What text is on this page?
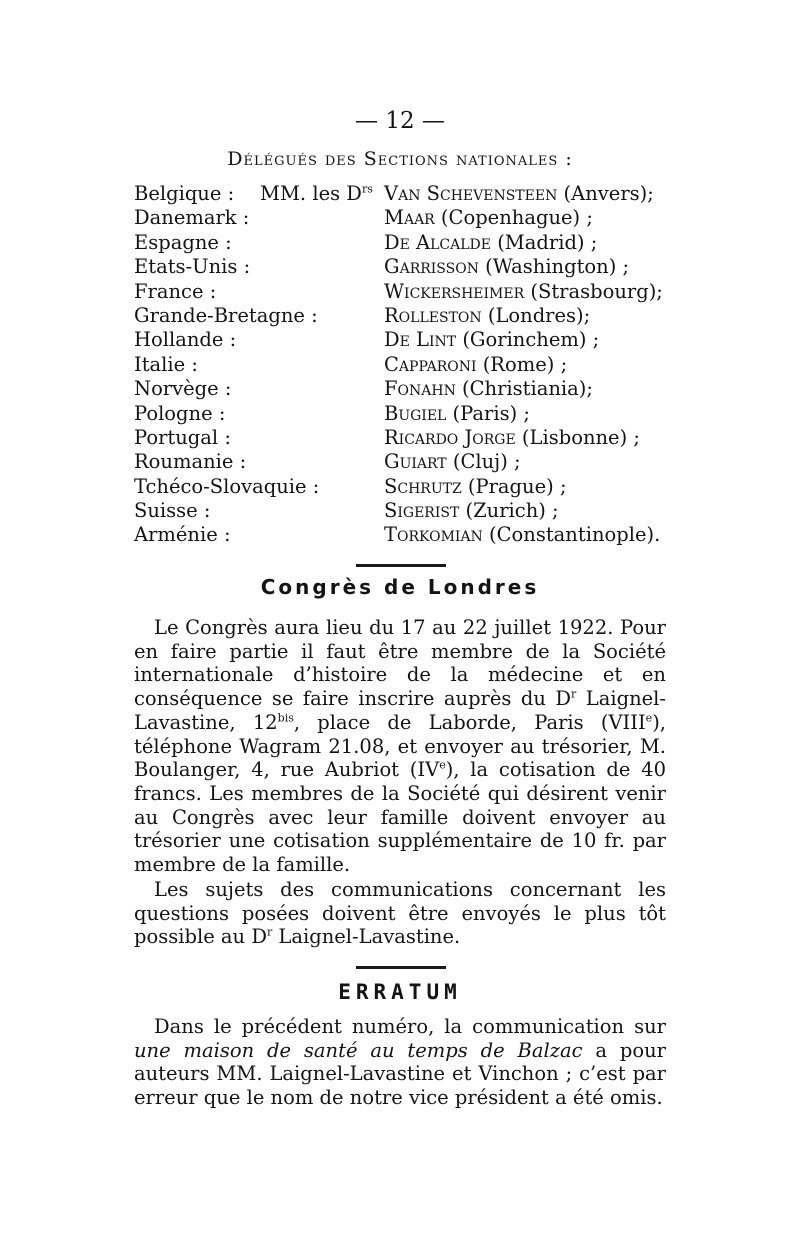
— 12 —
Délégués des Sections nationales :
Belgique : MM. les $D^{rs}$ Van Schevensteen (Anvers);
Danemark :	Maar (Copenhague) ;
Espagne :	De Alcalde (Madrid) ;
Etats-Unis :	Garrisson (Washington) ;
France :	Wickersheimer (Strasbourg);
Grande-Bretagne :	Rolleston (Londres);
Hollande :	De Lint (Gorinchem) ;
Italie :	Capparoni (Rome) ;
Norvège :	Fonahn (Christiania);
Pologne :	Bugiel (Paris) ;
Portugal :	Ricardo Jorge (Lisbonne) ;
Roumanie :	Guiart (Cluj) ;
Tchéco-Slovaquie :	Schrutz (Prague) ;
Suisse :	Sigerist (Zurich) ;
Arménie :	Torkomian (Constantinople).
Congrès de Londres
Le Congrès aura lieu du 17 au 22 juillet 1922. Pour en faire partie il faut être membre de la Société internationale d’histoire de la médecine et en conséquence se faire inscrire auprès du $D^r$ Laignel-Lavastine, $12^{bis}$, place de Laborde, Paris (VIIIe), téléphone Wagram 21.08, et envoyer au trésorier, M. Boulanger, 4, rue Aubriot (IVe), la cotisation de 40 francs. Les membres de la Société qui désirent venir au Congrès avec leur famille doivent envoyer au trésorier une cotisation supplémentaire de 10 fr. par membre de la famille.
Les sujets des communications concernant les questions posées doivent être envoyés le plus tôt possible au $D^r$ Laignel-Lavastine.
ERRATUM
Dans le précédent numéro, la communication sur une maison de santé au temps de Balzac a pour auteurs MM. Laignel-Lavastine et Vinchon ; c’est par erreur que le nom de notre vice président a été omis.
